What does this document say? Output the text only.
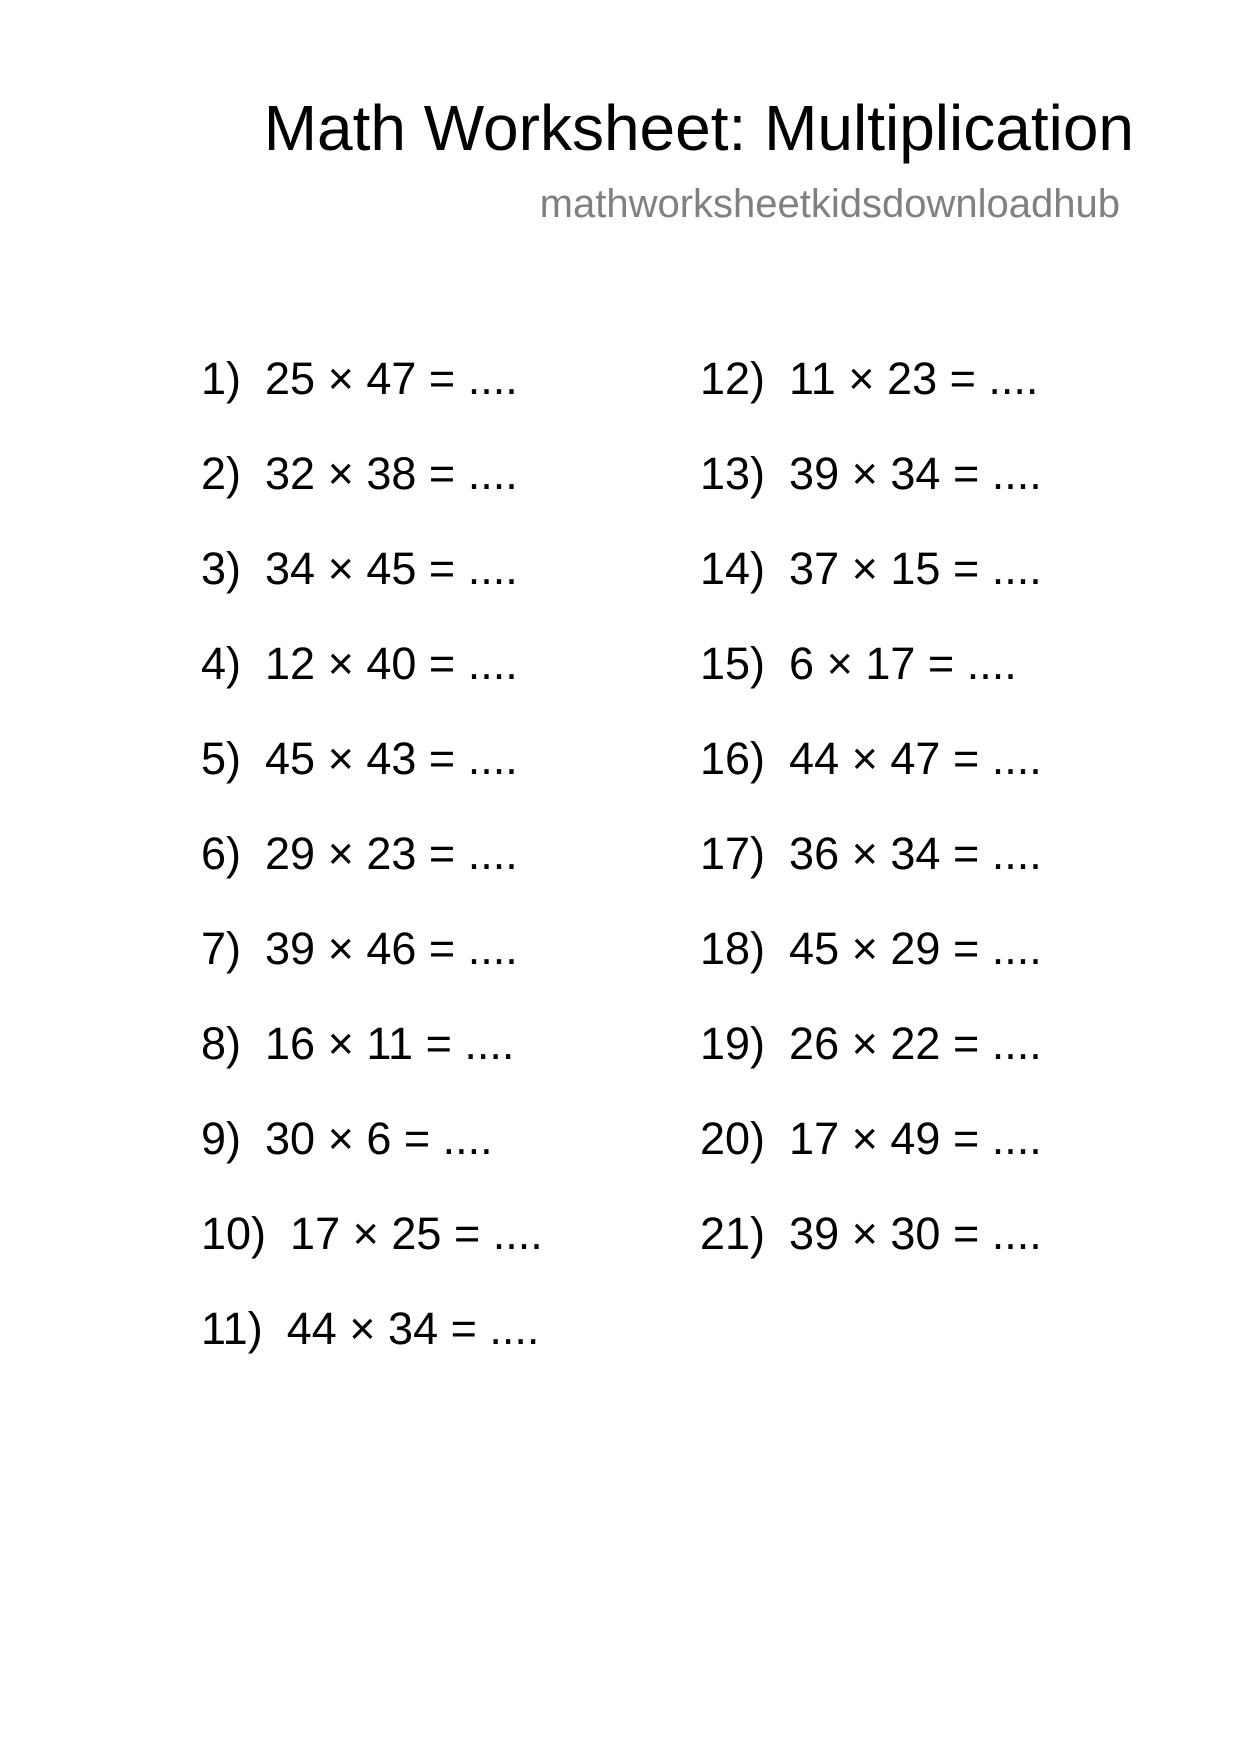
Math Worksheet: Multiplication
mathworksheetkidsdownloadhub
1) 25 × 47 = ....
2) 32 × 38 = ....
3) 34 × 45 = ....
4) 12 × 40 = ....
5) 45 × 43 = ....
6) 29 × 23 = ....
7) 39 × 46 = ....
8) 16 × 11 = ....
9) 30 × 6 = ....
10) 17 × 25 = ....
11) 44 × 34 = ....
12) 11 × 23 = ....
13) 39 × 34 = ....
14) 37 × 15 = ....
15) 6 × 17 = ....
16) 44 × 47 = ....
17) 36 × 34 = ....
18) 45 × 29 = ....
19) 26 × 22 = ....
20) 17 × 49 = ....
21) 39 × 30 = ....
